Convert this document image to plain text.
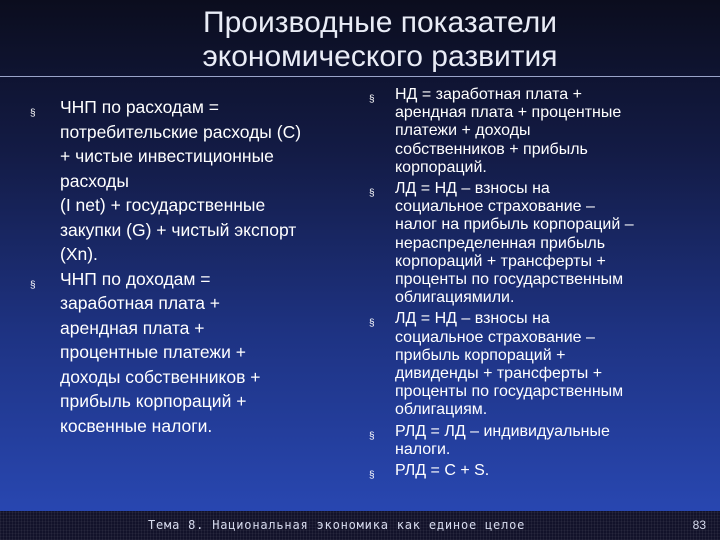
Производные показатели
экономического развития
§ ЧНП по расходам =
потребительские расходы (C)
+ чистые инвестиционные
расходы
(I net) + государственные
закупки (G) + чистый экспорт
(Xn).
§ ЧНП по доходам =
заработная плата +
арендная плата +
процентные платежи +
доходы собственников +
прибыль корпораций +
косвенные налоги.
§ НД = заработная плата +
арендная плата + процентные
платежи + доходы
собственников + прибыль
корпораций.
§ ЛД = НД – взносы на
социальное страхование –
налог на прибыль корпораций –
нераспределенная прибыль
корпораций + трансферты +
проценты по государственным
облигациямили.
§ ЛД = НД – взносы на
социальное страхование –
прибыль корпораций +
дивиденды + трансферты +
проценты по государственным
облигациям.
§ РЛД = ЛД – индивидуальные
налоги.
§ РЛД = С + S.
Тема 8. Национальная экономика как единое целое	83
